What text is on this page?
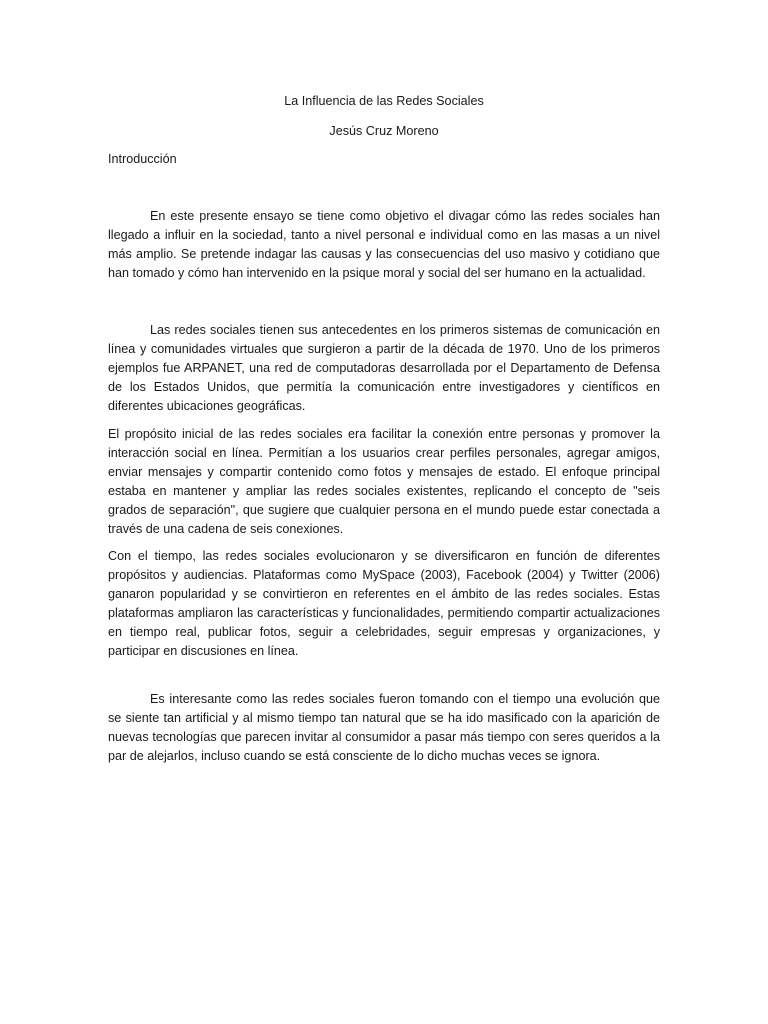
La Influencia de las Redes Sociales

Jesús Cruz Moreno

Introducción

En este presente ensayo se tiene como objetivo el divagar cómo las redes sociales han llegado a influir en la sociedad, tanto a nivel personal e individual como en las masas a un nivel más amplio. Se pretende indagar las causas y las consecuencias del uso masivo y cotidiano que han tomado y cómo han intervenido en la psique moral y social del ser humano en la actualidad.

Las redes sociales tienen sus antecedentes en los primeros sistemas de comunicación en línea y comunidades virtuales que surgieron a partir de la década de 1970. Uno de los primeros ejemplos fue ARPANET, una red de computadoras desarrollada por el Departamento de Defensa de los Estados Unidos, que permitía la comunicación entre investigadores y científicos en diferentes ubicaciones geográficas.

El propósito inicial de las redes sociales era facilitar la conexión entre personas y promover la interacción social en línea. Permitían a los usuarios crear perfiles personales, agregar amigos, enviar mensajes y compartir contenido como fotos y mensajes de estado. El enfoque principal estaba en mantener y ampliar las redes sociales existentes, replicando el concepto de "seis grados de separación", que sugiere que cualquier persona en el mundo puede estar conectada a través de una cadena de seis conexiones.

Con el tiempo, las redes sociales evolucionaron y se diversificaron en función de diferentes propósitos y audiencias. Plataformas como MySpace (2003), Facebook (2004) y Twitter (2006) ganaron popularidad y se convirtieron en referentes en el ámbito de las redes sociales. Estas plataformas ampliaron las características y funcionalidades, permitiendo compartir actualizaciones en tiempo real, publicar fotos, seguir a celebridades, seguir empresas y organizaciones, y participar en discusiones en línea.

Es interesante como las redes sociales fueron tomando con el tiempo una evolución que se siente tan artificial y al mismo tiempo tan natural que se ha ido masificado con la aparición de nuevas tecnologías que parecen invitar al consumidor a pasar más tiempo con seres queridos a la par de alejarlos, incluso cuando se está consciente de lo dicho muchas veces se ignora.
